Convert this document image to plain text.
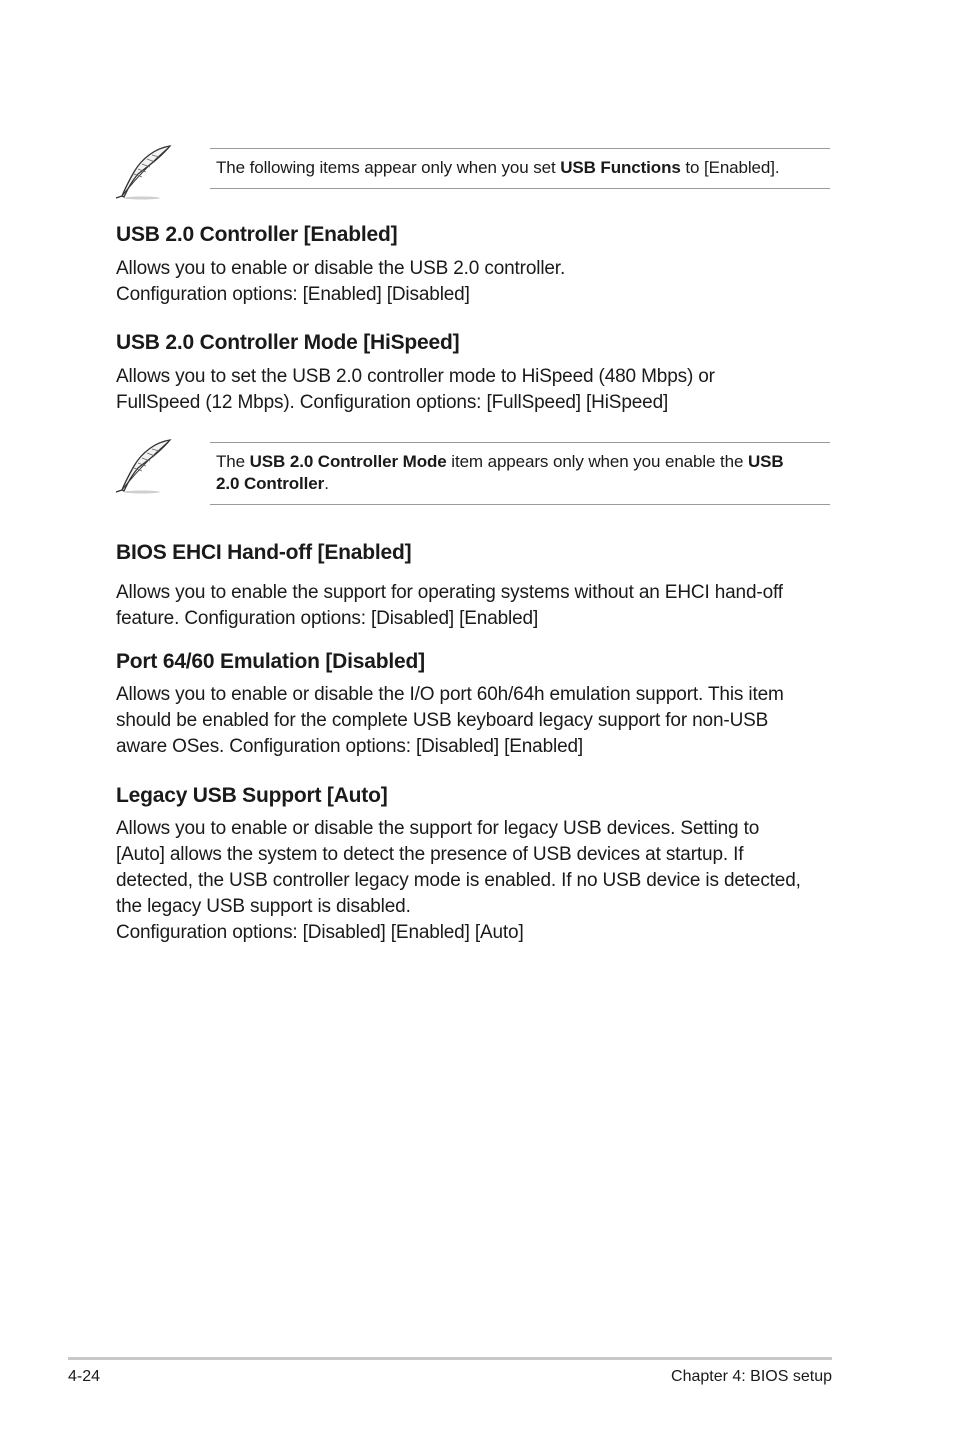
The following items appear only when you set USB Functions to [Enabled].
USB 2.0 Controller [Enabled]

Allows you to enable or disable the USB 2.0 controller.
Configuration options: [Enabled] [Disabled]

USB 2.0 Controller Mode [HiSpeed]

Allows you to set the USB 2.0 controller mode to HiSpeed (480 Mbps) or
FullSpeed (12 Mbps). Configuration options: [FullSpeed] [HiSpeed]

The USB 2.0 Controller Mode item appears only when you enable the USB
2.0 Controller.
BIOS EHCI Hand-off [Enabled]

Allows you to enable the support for operating systems without an EHCI hand-off
feature. Configuration options: [Disabled] [Enabled]

Port 64/60 Emulation [Disabled]

Allows you to enable or disable the I/O port 60h/64h emulation support. This item
should be enabled for the complete USB keyboard legacy support for non-USB
aware OSes. Configuration options: [Disabled] [Enabled]

Legacy USB Support [Auto]

Allows you to enable or disable the support for legacy USB devices. Setting to
[Auto] allows the system to detect the presence of USB devices at startup. If
detected, the USB controller legacy mode is enabled. If no USB device is detected,
the legacy USB support is disabled.
Configuration options: [Disabled] [Enabled] [Auto]

4-24	Chapter 4: BIOS setup
